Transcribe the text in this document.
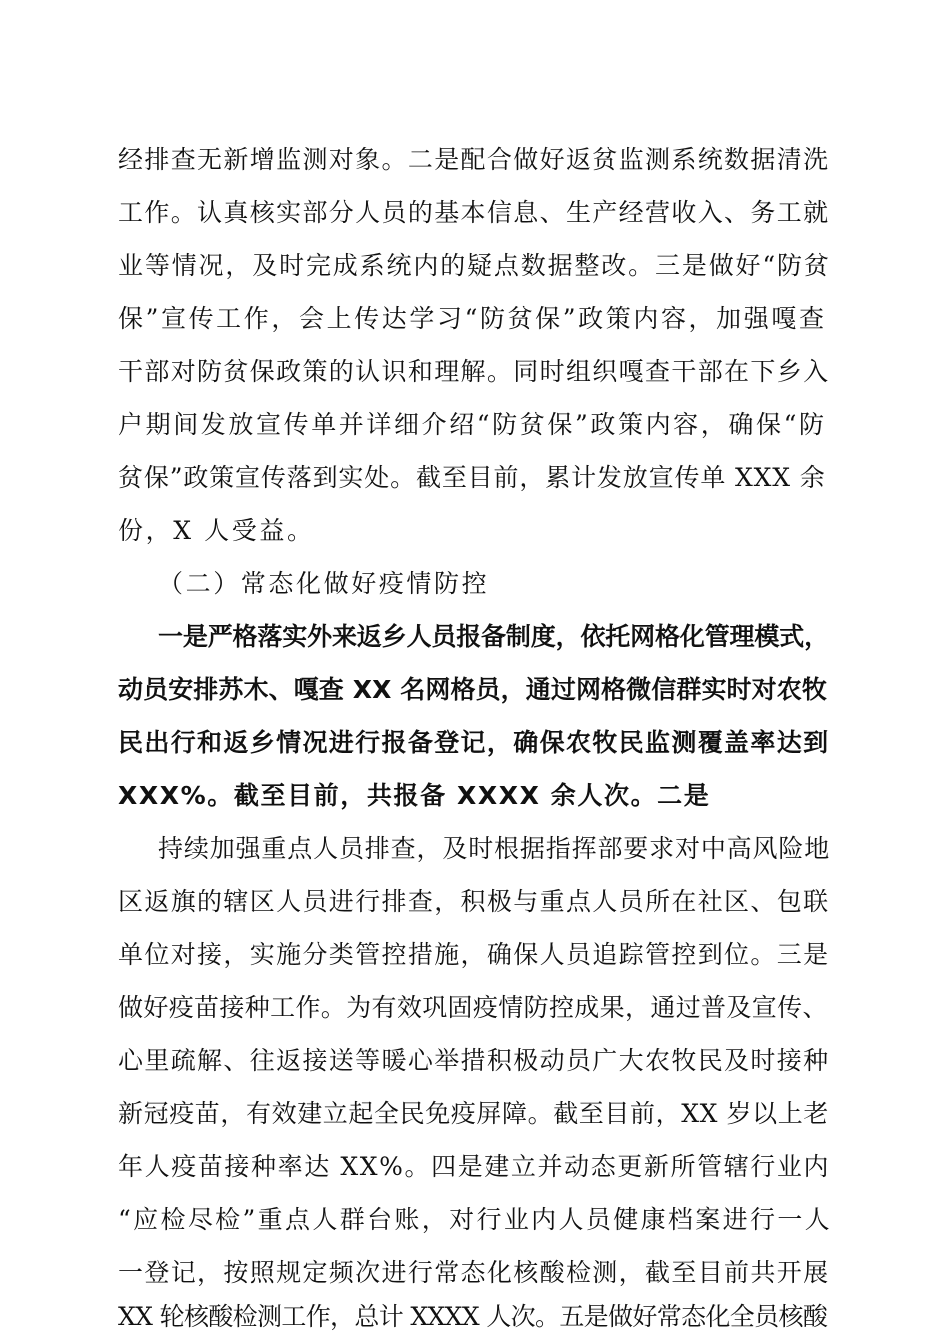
经排查无新增监测对象。二是配合做好返贫监测系统数据清洗
工作。认真核实部分人员的基本信息、生产经营收入、务工就
业等情况，及时完成系统内的疑点数据整改。三是做好“防贫
保”宣传工作，会上传达学习“防贫保”政策内容，加强嘎查
干部对防贫保政策的认识和理解。同时组织嘎查干部在下乡入
户期间发放宣传单并详细介绍“防贫保”政策内容，确保“防
贫保”政策宣传落到实处。截至目前，累计发放宣传单 XXX 余
份，X 人受益。
（二）常态化做好疫情防控
一是严格落实外来返乡人员报备制度，依托网格化管理模式，
动员安排苏木、嘎查 XX 名网格员，通过网格微信群实时对农牧
民出行和返乡情况进行报备登记，确保农牧民监测覆盖率达到
XXX%。截至目前，共报备 XXXX 余人次。二是
持续加强重点人员排查，及时根据指挥部要求对中高风险地
区返旗的辖区人员进行排查，积极与重点人员所在社区、包联
单位对接，实施分类管控措施，确保人员追踪管控到位。三是
做好疫苗接种工作。为有效巩固疫情防控成果，通过普及宣传、
心里疏解、往返接送等暖心举措积极动员广大农牧民及时接种
新冠疫苗，有效建立起全民免疫屏障。截至目前，XX 岁以上老
年人疫苗接种率达 XX%。四是建立并动态更新所管辖行业内
“应检尽检”重点人群台账，对行业内人员健康档案进行一人
一登记，按照规定频次进行常态化核酸检测，截至目前共开展
XX 轮核酸检测工作，总计 XXXX 人次。五是做好常态化全员核酸
